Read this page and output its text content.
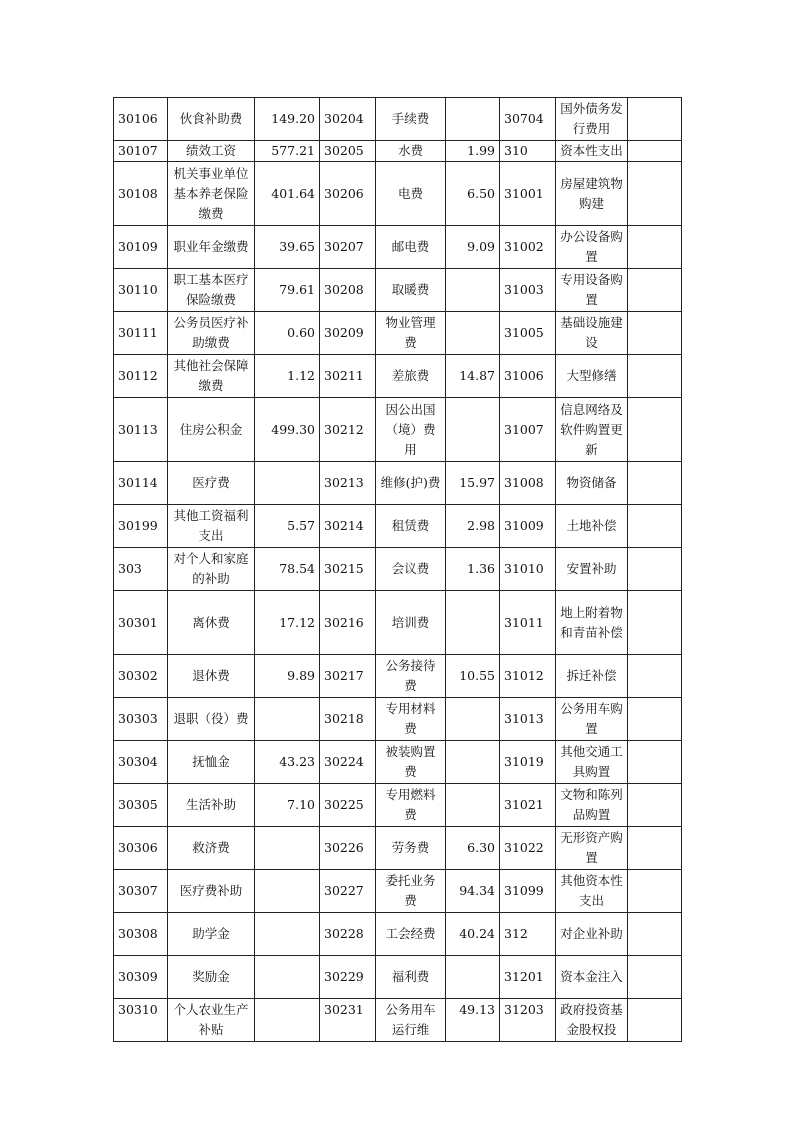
30106	伙食补助费	149.20	30204	手续费		30704	国外债务发行费用	
30107	绩效工资	577.21	30205	水费	1.99	310	资本性支出	
30108	机关事业单位基本养老保险缴费	401.64	30206	电费	6.50	31001	房屋建筑物购建	
30109	职业年金缴费	39.65	30207	邮电费	9.09	31002	办公设备购置	
30110	职工基本医疗保险缴费	79.61	30208	取暖费		31003	专用设备购置	
30111	公务员医疗补助缴费	0.60	30209	物业管理费		31005	基础设施建设	
30112	其他社会保障缴费	1.12	30211	差旅费	14.87	31006	大型修缮	
30113	住房公积金	499.30	30212	因公出国（境）费用		31007	信息网络及软件购置更新	
30114	医疗费		30213	维修(护)费	15.97	31008	物资储备	
30199	其他工资福利支出	5.57	30214	租赁费	2.98	31009	土地补偿	
303	对个人和家庭的补助	78.54	30215	会议费	1.36	31010	安置补助	
30301	离休费	17.12	30216	培训费		31011	地上附着物和青苗补偿	
30302	退休费	9.89	30217	公务接待费	10.55	31012	拆迁补偿	
30303	退职（役）费		30218	专用材料费		31013	公务用车购置	
30304	抚恤金	43.23	30224	被装购置费		31019	其他交通工具购置	
30305	生活补助	7.10	30225	专用燃料费		31021	文物和陈列品购置	
30306	救济费		30226	劳务费	6.30	31022	无形资产购置	
30307	医疗费补助		30227	委托业务费	94.34	31099	其他资本性支出	
30308	助学金		30228	工会经费	40.24	312	对企业补助	
30309	奖励金		30229	福利费		31201	资本金注入	
30310	个人农业生产补贴		30231	公务用车运行维	49.13	31203	政府投资基金股权投	
